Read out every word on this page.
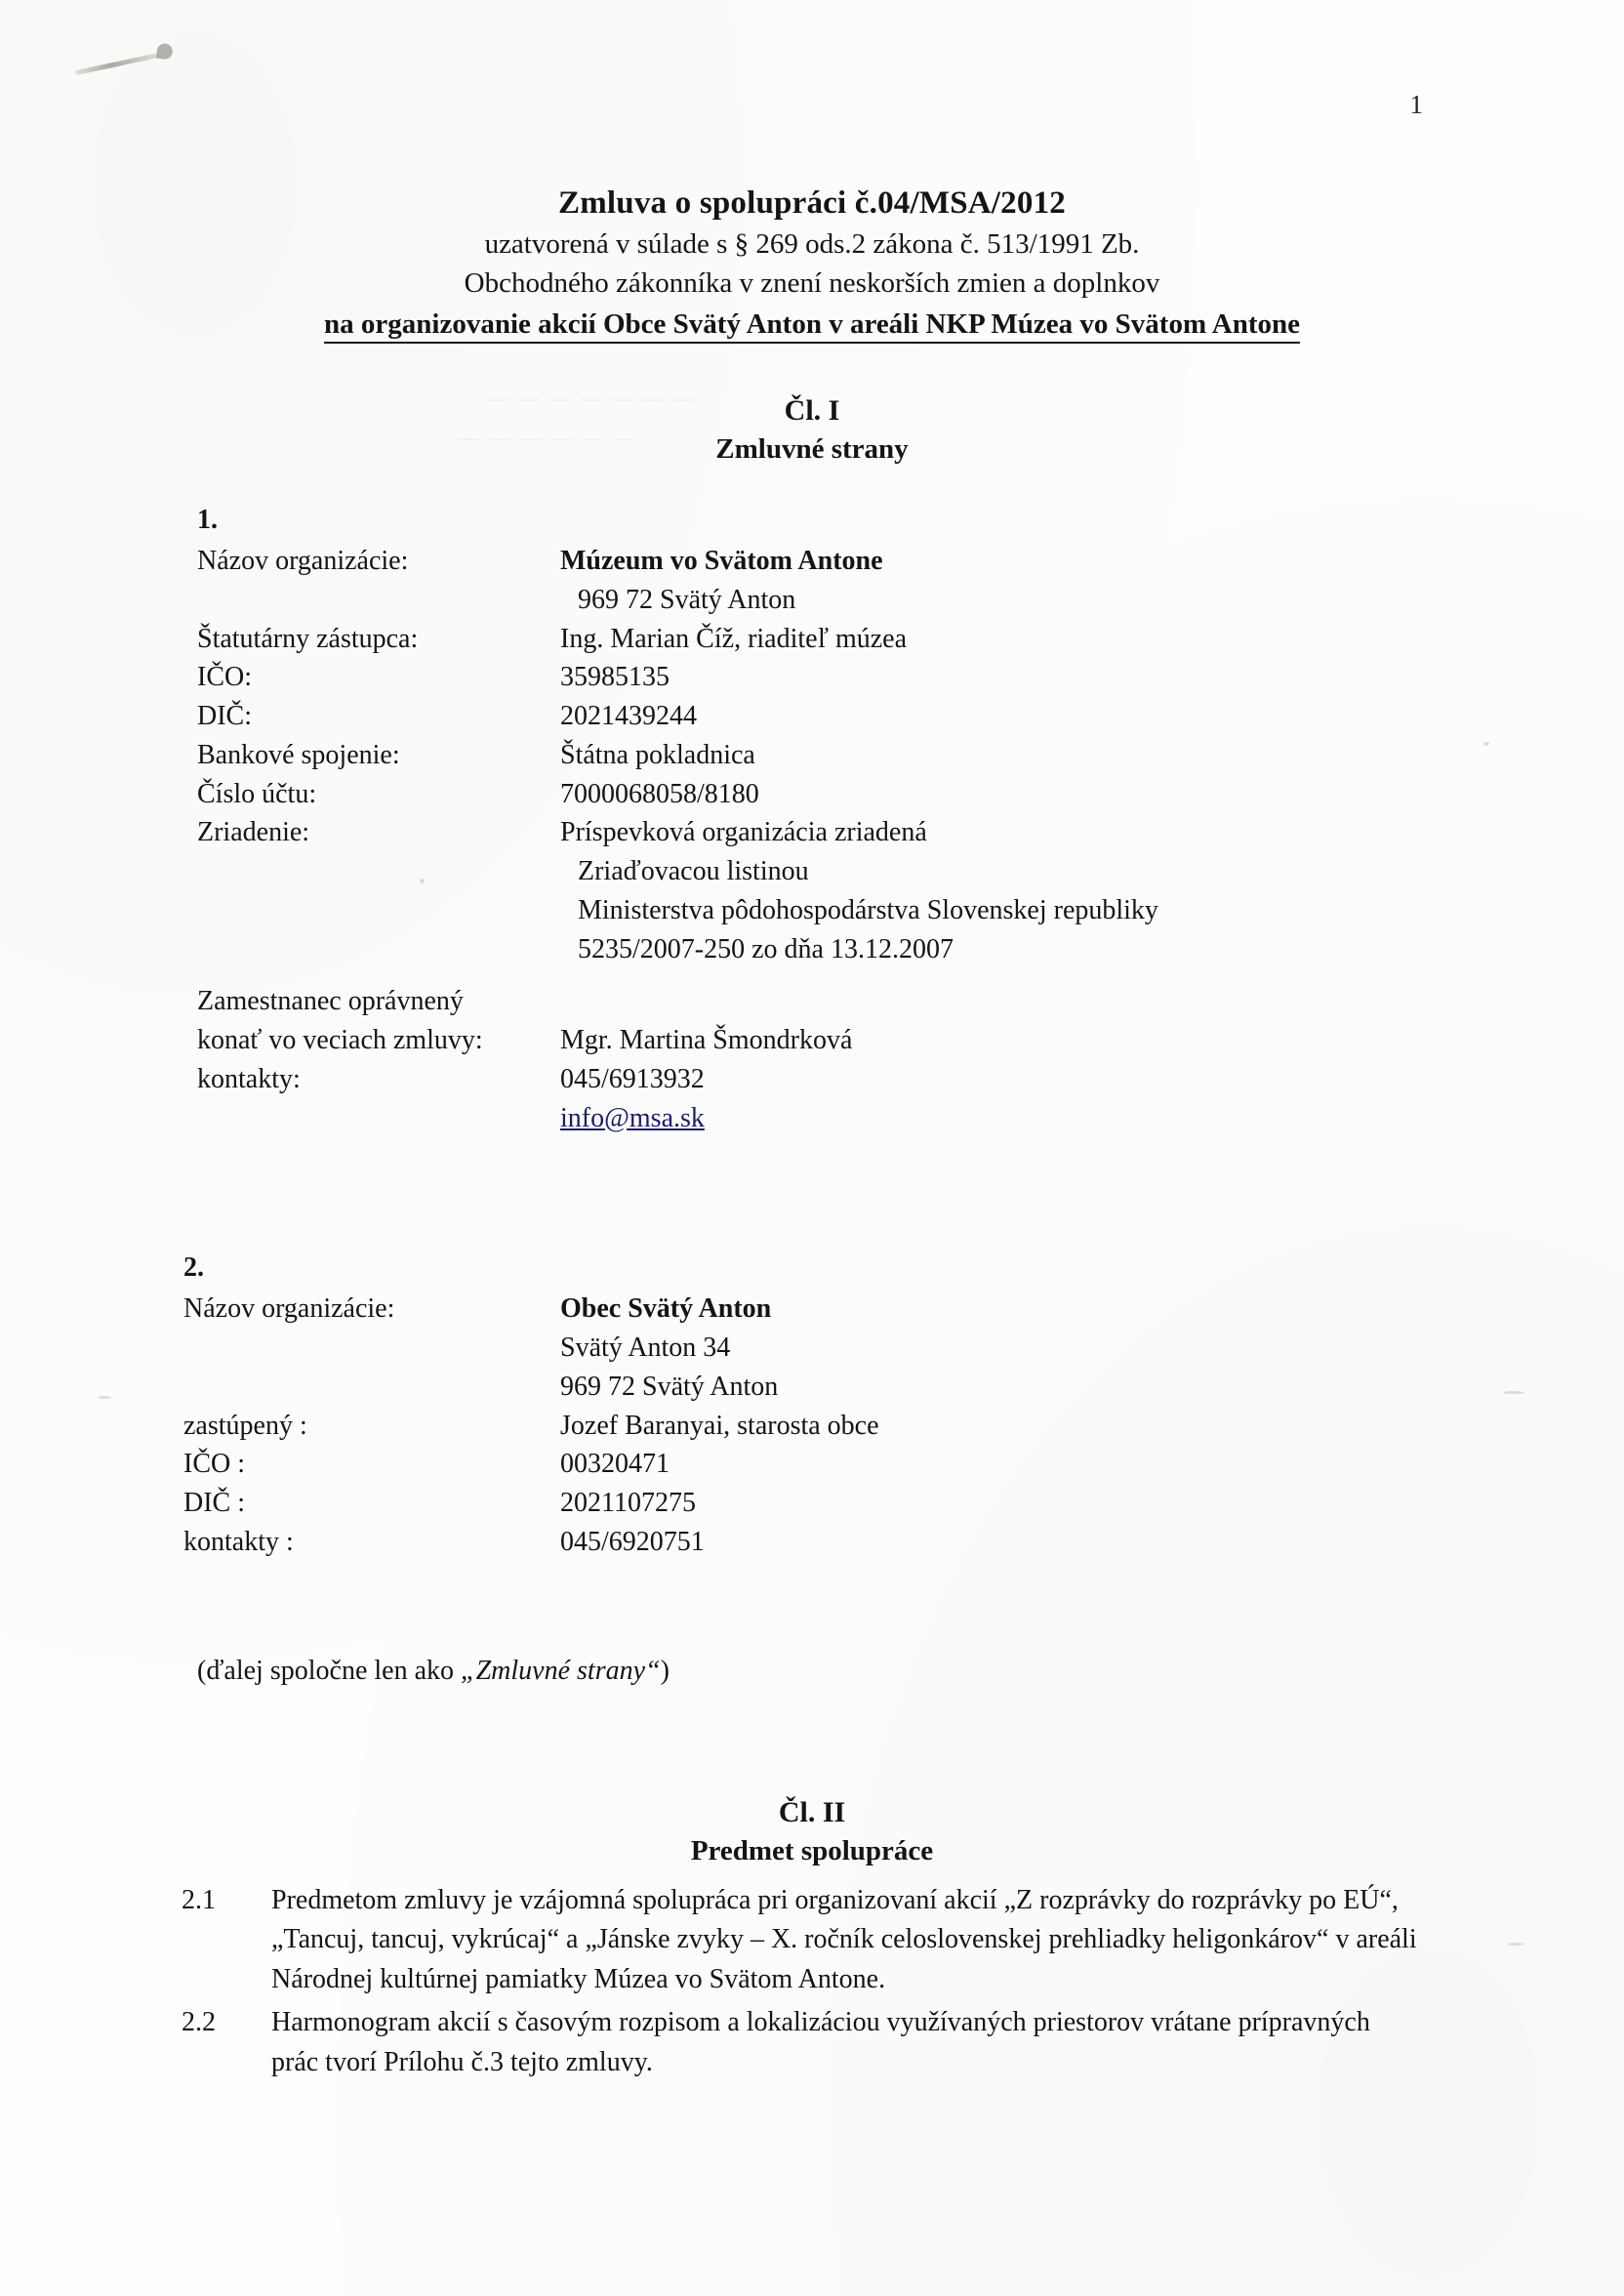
— — — — — — —
— — — — — —
1
Zmluva o spolupráci č.04/MSA/2012
uzatvorená v súlade s § 269 ods.2 zákona č. 513/1991 Zb.
Obchodného zákonníka v znení neskorších zmien a doplnkov
na organizovanie akcií Obce Svätý Anton v areáli NKP Múzea vo Svätom Antone
Čl. I
Zmluvné strany
1.
Názov organizácie:	Múzeum vo Svätom Antone
969 72 Svätý Anton
Štatutárny zástupca:	Ing. Marian Číž, riaditeľ múzea
IČO:	35985135
DIČ:	2021439244
Bankové spojenie:	Štátna pokladnica
Číslo účtu:	7000068058/8180
Zriadenie:	Príspevková organizácia zriadená
Zriaďovacou listinou
Ministerstva pôdohospodárstva Slovenskej republiky
5235/2007-250 zo dňa 13.12.2007
Zamestnanec oprávnený
konať vo veciach zmluvy:	Mgr. Martina Šmondrková
kontakty:	045/6913932
info@msa.sk
2.
Názov organizácie:	Obec Svätý Anton
Svätý Anton 34
969 72 Svätý Anton
zastúpený :	Jozef Baranyai, starosta obce
IČO :	00320471
DIČ :	2021107275
kontakty :	045/6920751
(ďalej spoločne len ako „Zmluvné strany“)
Čl. II
Predmet spolupráce
2.1	Predmetom zmluvy je vzájomná spolupráca pri organizovaní akcií „Z rozprávky do rozprávky po EÚ“, „Tancuj, tancuj, vykrúcaj“ a „Jánske zvyky – X. ročník celoslovenskej prehliadky heligonkárov“ v areáli Národnej kultúrnej pamiatky Múzea vo Svätom Antone.
2.2	Harmonogram akcií s časovým rozpisom a lokalizáciou využívaných priestorov vrátane prípravných prác tvorí Prílohu č.3 tejto zmluvy.
